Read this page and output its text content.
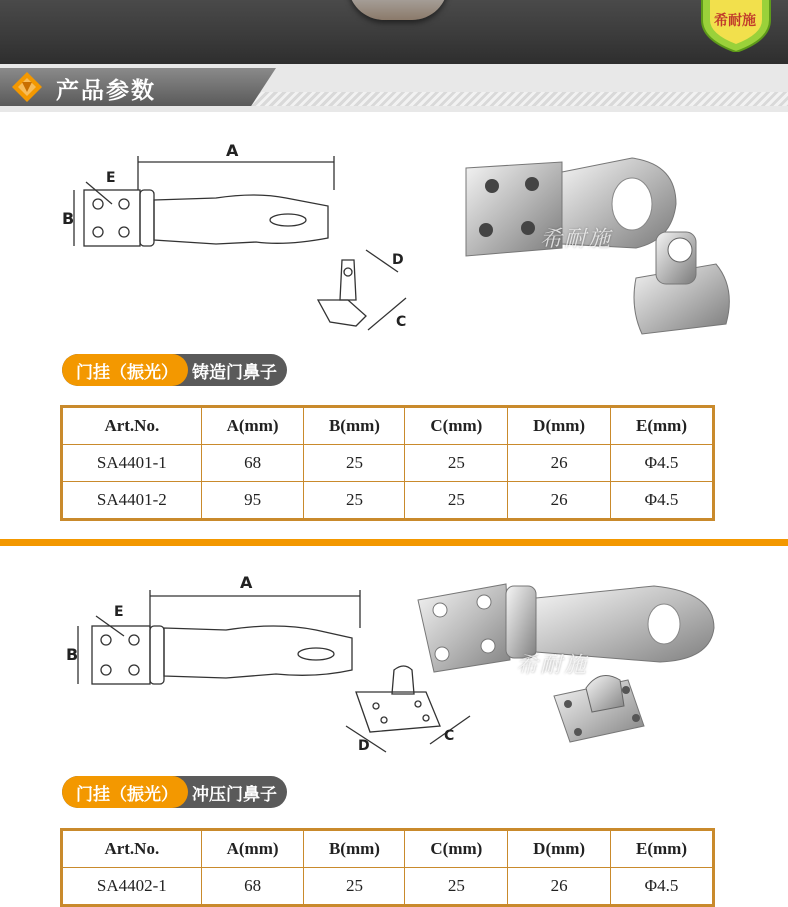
希耐施
产品参数
A
B
C
D
E
希耐施
门挂（振光） 铸造门鼻子
Art.No.	A(mm)	B(mm)	C(mm)	D(mm)	E(mm)
SA4401-1	68	25	25	26	Φ4.5
SA4401-2	95	25	25	26	Φ4.5
A
B
C
D
E
希耐施
门挂（振光） 冲压门鼻子
Art.No.	A(mm)	B(mm)	C(mm)	D(mm)	E(mm)
SA4402-1	68	25	25	26	Φ4.5
